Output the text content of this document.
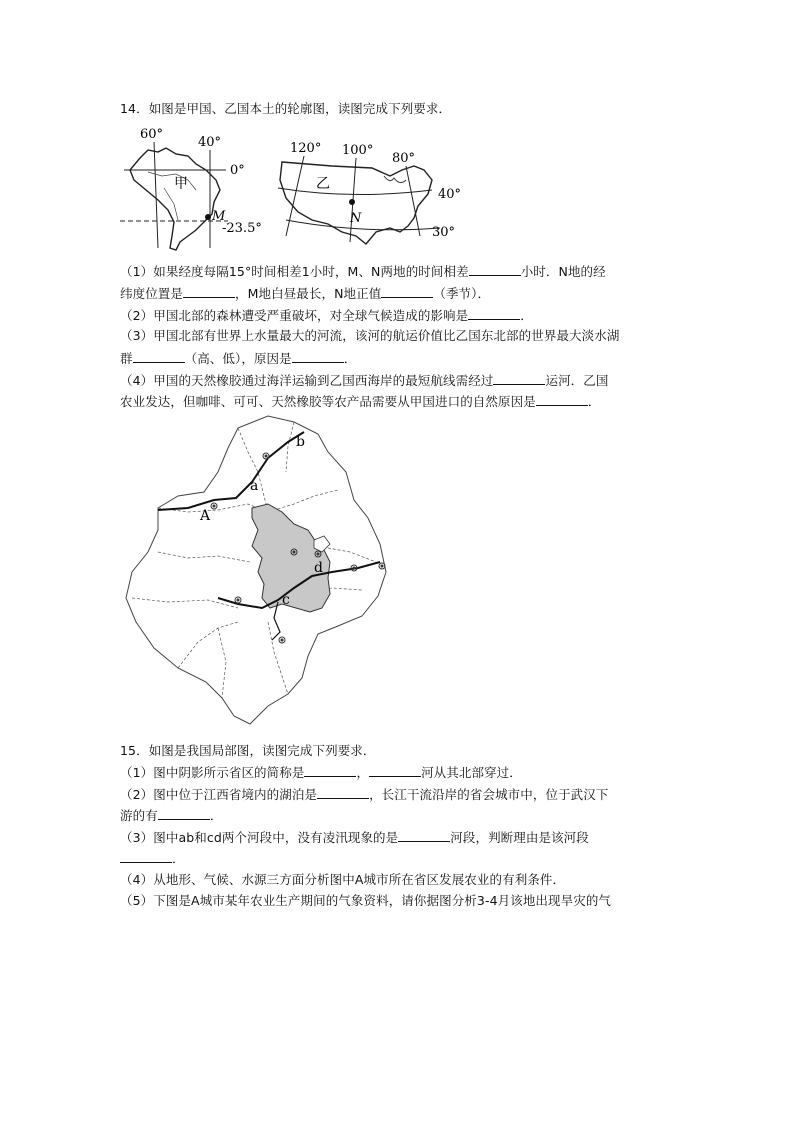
14．如图是甲国、乙国本土的轮廓图，读图完成下列要求．
60°
40°
0°
甲
M
-23.5°
120° 100°
80°
乙
N
40°
30°
（1）如果经度每隔15°时间相差1小时，M、N两地的时间相差	小时．N地的经
纬度位置是	，M地白昼最长，N地正值	（季节）．
（2）甲国北部的森林遭受严重破坏，对全球气候造成的影响是	．
（3）甲国北部有世界上水量最大的河流，该河的航运价值比乙国东北部的世界最大淡水湖
群	（高、低），原因是	．
（4）甲国的天然橡胶通过海洋运输到乙国西海岸的最短航线需经过	运河．乙国
农业发达，但咖啡、可可、天然橡胶等农产品需要从甲国进口的自然原因是	．
b
a
A
d
c
15．如图是我国局部图，读图完成下列要求．
（1）图中阴影所示省区的简称是	，	河从其北部穿过．
（2）图中位于江西省境内的湖泊是	，长江干流沿岸的省会城市中，位于武汉下
游的有	．
（3）图中ab和cd两个河段中，没有凌汛现象的是	河段，判断理由是该河段
．
（4）从地形、气候、水源三方面分析图中A城市所在省区发展农业的有利条件．
（5）下图是A城市某年农业生产期间的气象资料，请你据图分析3-4月该地出现旱灾的气
